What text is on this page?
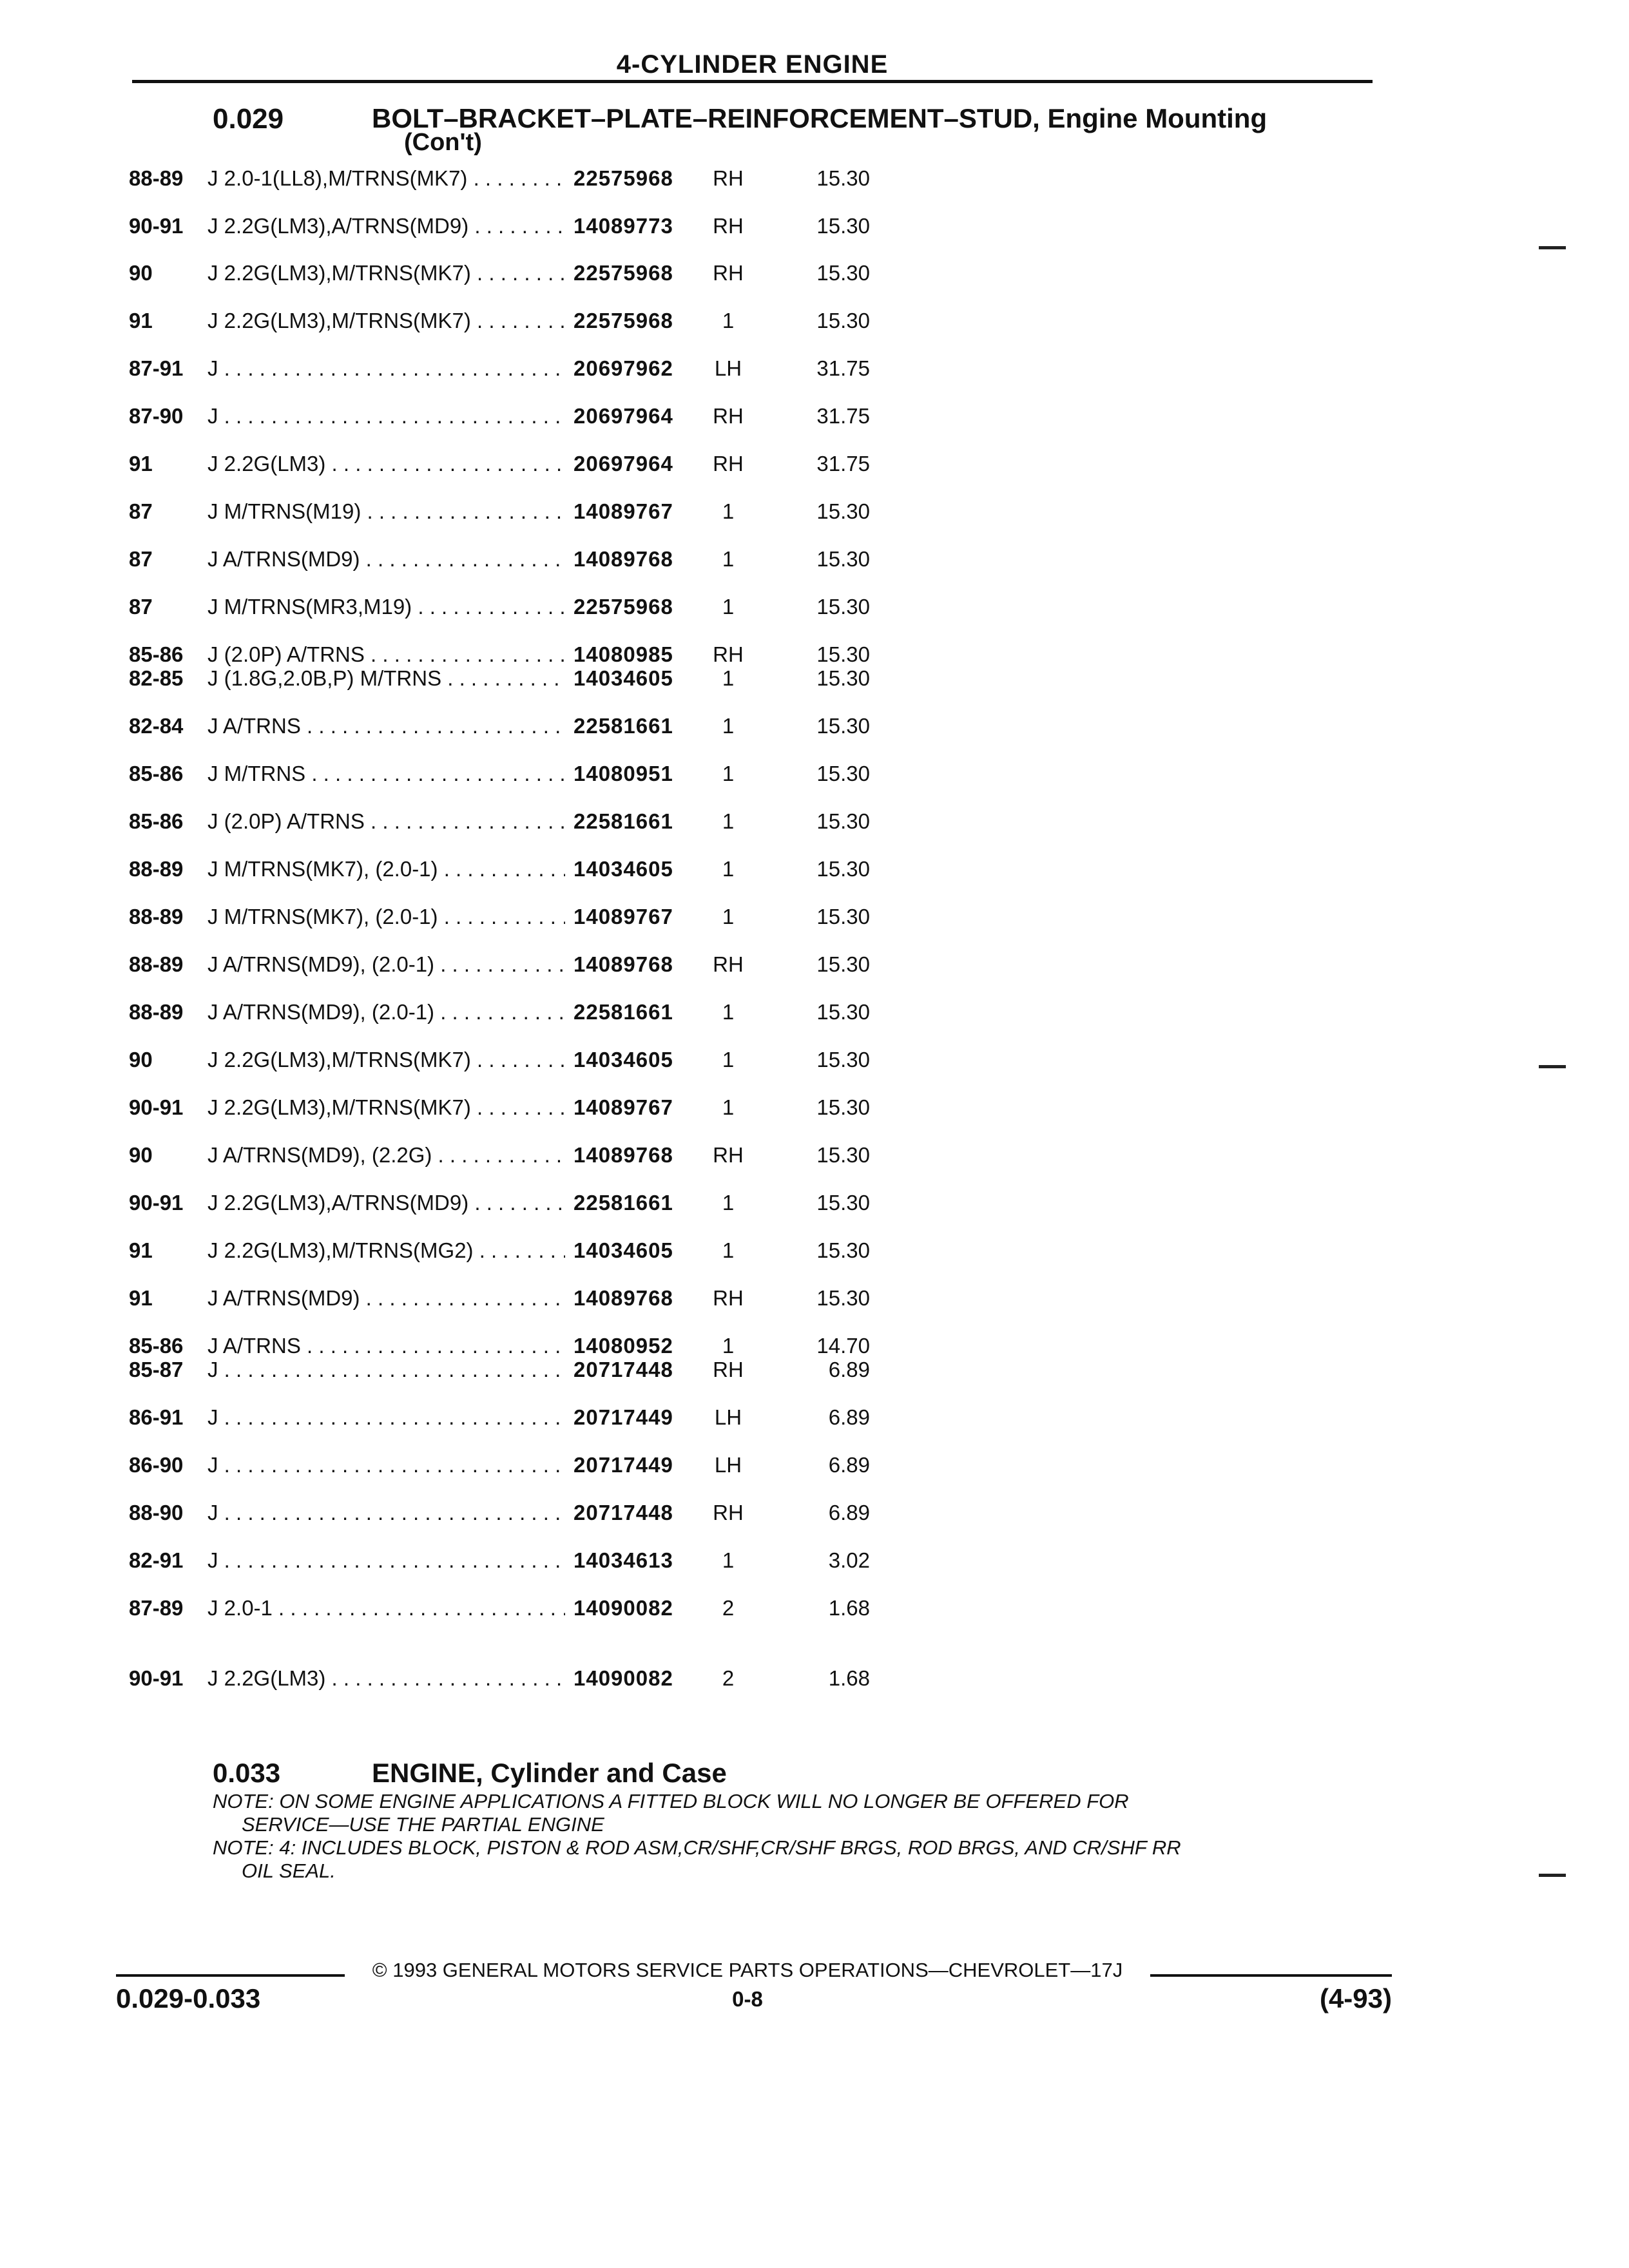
4-CYLINDER ENGINE
0.029	BOLT–BRACKET–PLATE–REINFORCEMENT–STUD, Engine Mounting
(Con't)
88-89 J 2.0-1(LL8),M/TRNS(MK7) . . .	22575968	RH	15.30
90-91 J 2.2G(LM3),A/TRNS(MD9) . . .	14089773	RH	15.30
90	J 2.2G(LM3),M/TRNS(MK7) . . .	22575968	RH	15.30
91	J 2.2G(LM3),M/TRNS(MK7) . . .	22575968	1	15.30
87-91 J . . .	20697962	LH	31.75
87-90 J . . .	20697964	RH	31.75
91	J 2.2G(LM3) . . .	20697964	RH	31.75
87	J M/TRNS(M19) . . .	14089767	1	15.30
87	J A/TRNS(MD9) . . .	14089768	1	15.30
87	J M/TRNS(MR3,M19) . . .	22575968	1	15.30
85-86 J (2.0P) A/TRNS . . .	14080985	RH	15.30
82-85 J (1.8G,2.0B,P) M/TRNS . . .	14034605	1	15.30
82-84 J A/TRNS . . .	22581661	1	15.30
85-86 J M/TRNS . . .	14080951	1	15.30
85-86 J (2.0P) A/TRNS . . .	22581661	1	15.30
88-89 J M/TRNS(MK7), (2.0-1) . . .	14034605	1	15.30
88-89 J M/TRNS(MK7), (2.0-1) . . .	14089767	1	15.30
88-89 J A/TRNS(MD9), (2.0-1) . . .	14089768	RH	15.30
88-89 J A/TRNS(MD9), (2.0-1) . . .	22581661	1	15.30
90	J 2.2G(LM3),M/TRNS(MK7) . . .	14034605	1	15.30
90-91 J 2.2G(LM3),M/TRNS(MK7) . . .	14089767	1	15.30
90	J A/TRNS(MD9), (2.2G) . . .	14089768	RH	15.30
90-91 J 2.2G(LM3),A/TRNS(MD9) . . .	22581661	1	15.30
91	J 2.2G(LM3),M/TRNS(MG2) . . .	14034605	1	15.30
91	J A/TRNS(MD9) . . .	14089768	RH	15.30
85-86 J A/TRNS . . .	14080952	1	14.70
85-87 J . . .	20717448	RH	6.89
86-91 J . . .	20717449	LH	6.89
86-90 J . . .	20717449	LH	6.89
88-90 J . . .	20717448	RH	6.89
82-91 J . . .	14034613	1	3.02
87-89 J 2.0-1 . . .	14090082	2	1.68
90-91 J 2.2G(LM3) . . .	14090082	2	1.68
0.033	ENGINE, Cylinder and Case

NOTE: ON SOME ENGINE APPLICATIONS A FITTED BLOCK WILL NO LONGER BE OFFERED FOR

SERVICE—USE THE PARTIAL ENGINE

NOTE: 4: INCLUDES BLOCK, PISTON & ROD ASM,CR/SHF,CR/SHF BRGS, ROD BRGS, AND CR/SHF RR

OIL SEAL.

© 1993 GENERAL MOTORS SERVICE PARTS OPERATIONS—CHEVROLET—17J
0.029-0.033	0-8	(4-93)
